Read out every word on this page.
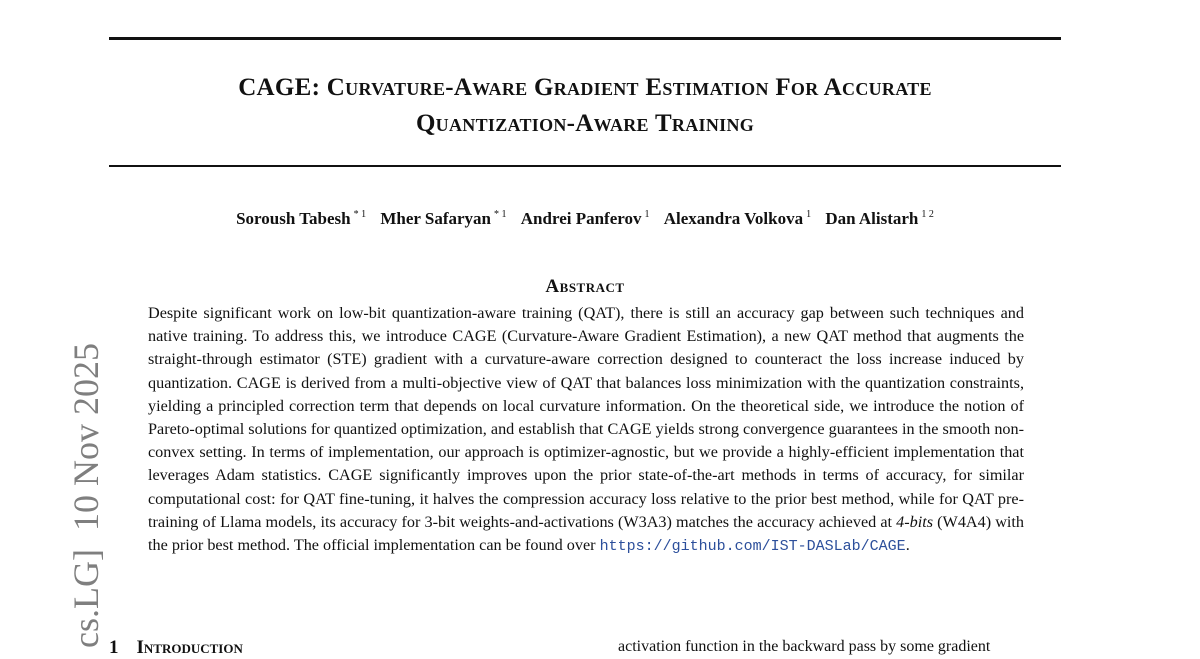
CAGE: Curvature-Aware Gradient Estimation For Accurate
Quantization-Aware Training
Soroush Tabesh $^{* 1}$ Mher Safaryan $^{* 1}$ Andrei Panferov $^1$ Alexandra Volkova $^1$ Dan Alistarh $^{1 2}$
Abstract

Despite significant work on low-bit quantization-aware training (QAT), there is still an accuracy gap between such techniques and native training. To address this, we introduce CAGE (Curvature-Aware Gradient Estimation), a new QAT method that augments the straight-through estimator (STE) gradient with a curvature-aware correction designed to counteract the loss increase induced by quantization. CAGE is derived from a multi-objective view of QAT that balances loss minimization with the quantization constraints, yielding a principled correction term that depends on local curvature information. On the theoretical side, we introduce the notion of Pareto-optimal solutions for quantized optimization, and establish that CAGE yields strong convergence guarantees in the smooth non-convex setting. In terms of implementation, our approach is optimizer-agnostic, but we provide a highly-efficient implementation that leverages Adam statistics. CAGE significantly improves upon the prior state-of-the-art methods in terms of accuracy, for similar computational cost: for QAT fine-tuning, it halves the compression accuracy loss relative to the prior best method, while for QAT pre-training of Llama models, its accuracy for 3-bit weights-and-activations (W3A3) matches the accuracy achieved at 4-bits (W4A4) with the prior best method. The official implementation can be found over https://github.com/IST-DASLab/CAGE.

cs.LG]  10 Nov 2025 1 Introduction	activation function in the backward pass by some gradient
